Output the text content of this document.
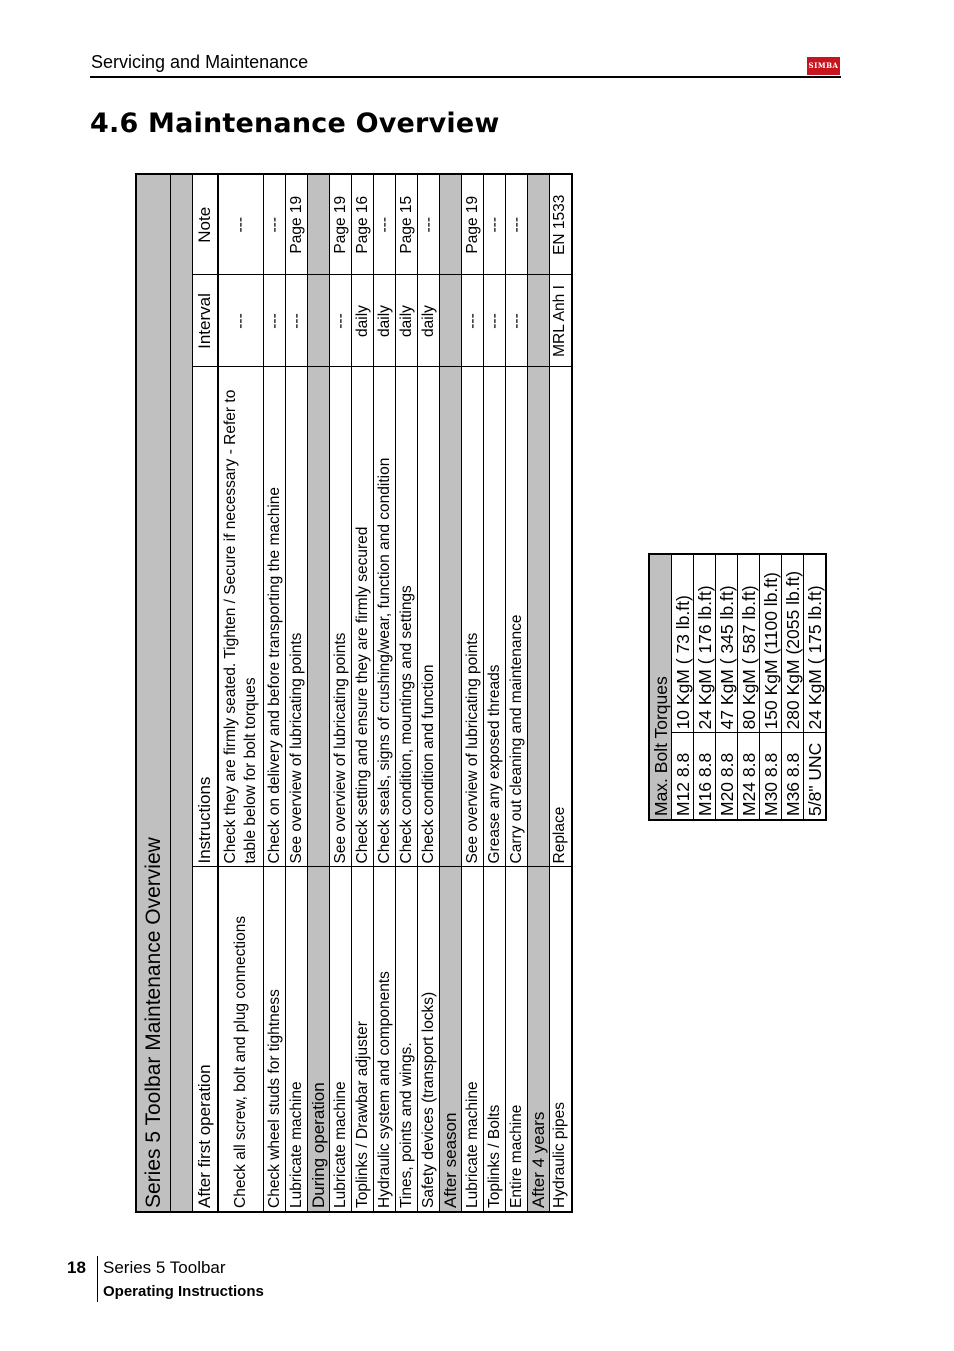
Servicing and Maintenance	SIMBA
4.6 Maintenance Overview
Series 5 Toolbar Maintenance Overview			

After first operation	Instructions	Interval	Note
Check all screw, bolt and plug connections	Check they are firmly seated. Tighten / Secure if necessary - Refer to table below for bolt torques	---	---
Check wheel studs for tightness	Check on delivery and before transporting the machine	---	---
Lubricate machine	See overview of lubricating points	---	Page 19
During operation			
Lubricate machine	See overview of lubricating points	---	Page 19
Toplinks / Drawbar adjuster	Check setting and ensure they are firmly secured	daily	Page 16
Hydraulic system and components	Check seals, signs of crushing/wear, function and condition	daily	---
Tines, points and wings.	Check condition, mountings and settings	daily	Page 15
Safety devices (transport locks)	Check condition and function	daily	---
After season			
Lubricate machine	See overview of lubricating points	---	Page 19
Toplinks / Bolts	Grease any exposed threads	---	---
Entire machine	Carry out cleaning and maintenance	---	---
After 4 years			
Hydraulic pipes	Replace	MRL Anh I	EN 1533
Max. Bolt Torques	
M12 8.8	10 KgM ( 73 lb.ft)
M16 8.8	24 KgM ( 176 lb.ft)
M20 8.8	47 KgM ( 345 lb.ft)
M24 8.8	80 KgM ( 587 lb.ft)
M30 8.8	150 KgM (1100 lb.ft)
M36 8.8	280 KgM (2055 lb.ft)
5/8" UNC	24 KgM ( 175 lb.ft)
18 Series 5 Toolbar
Operating Instructions
